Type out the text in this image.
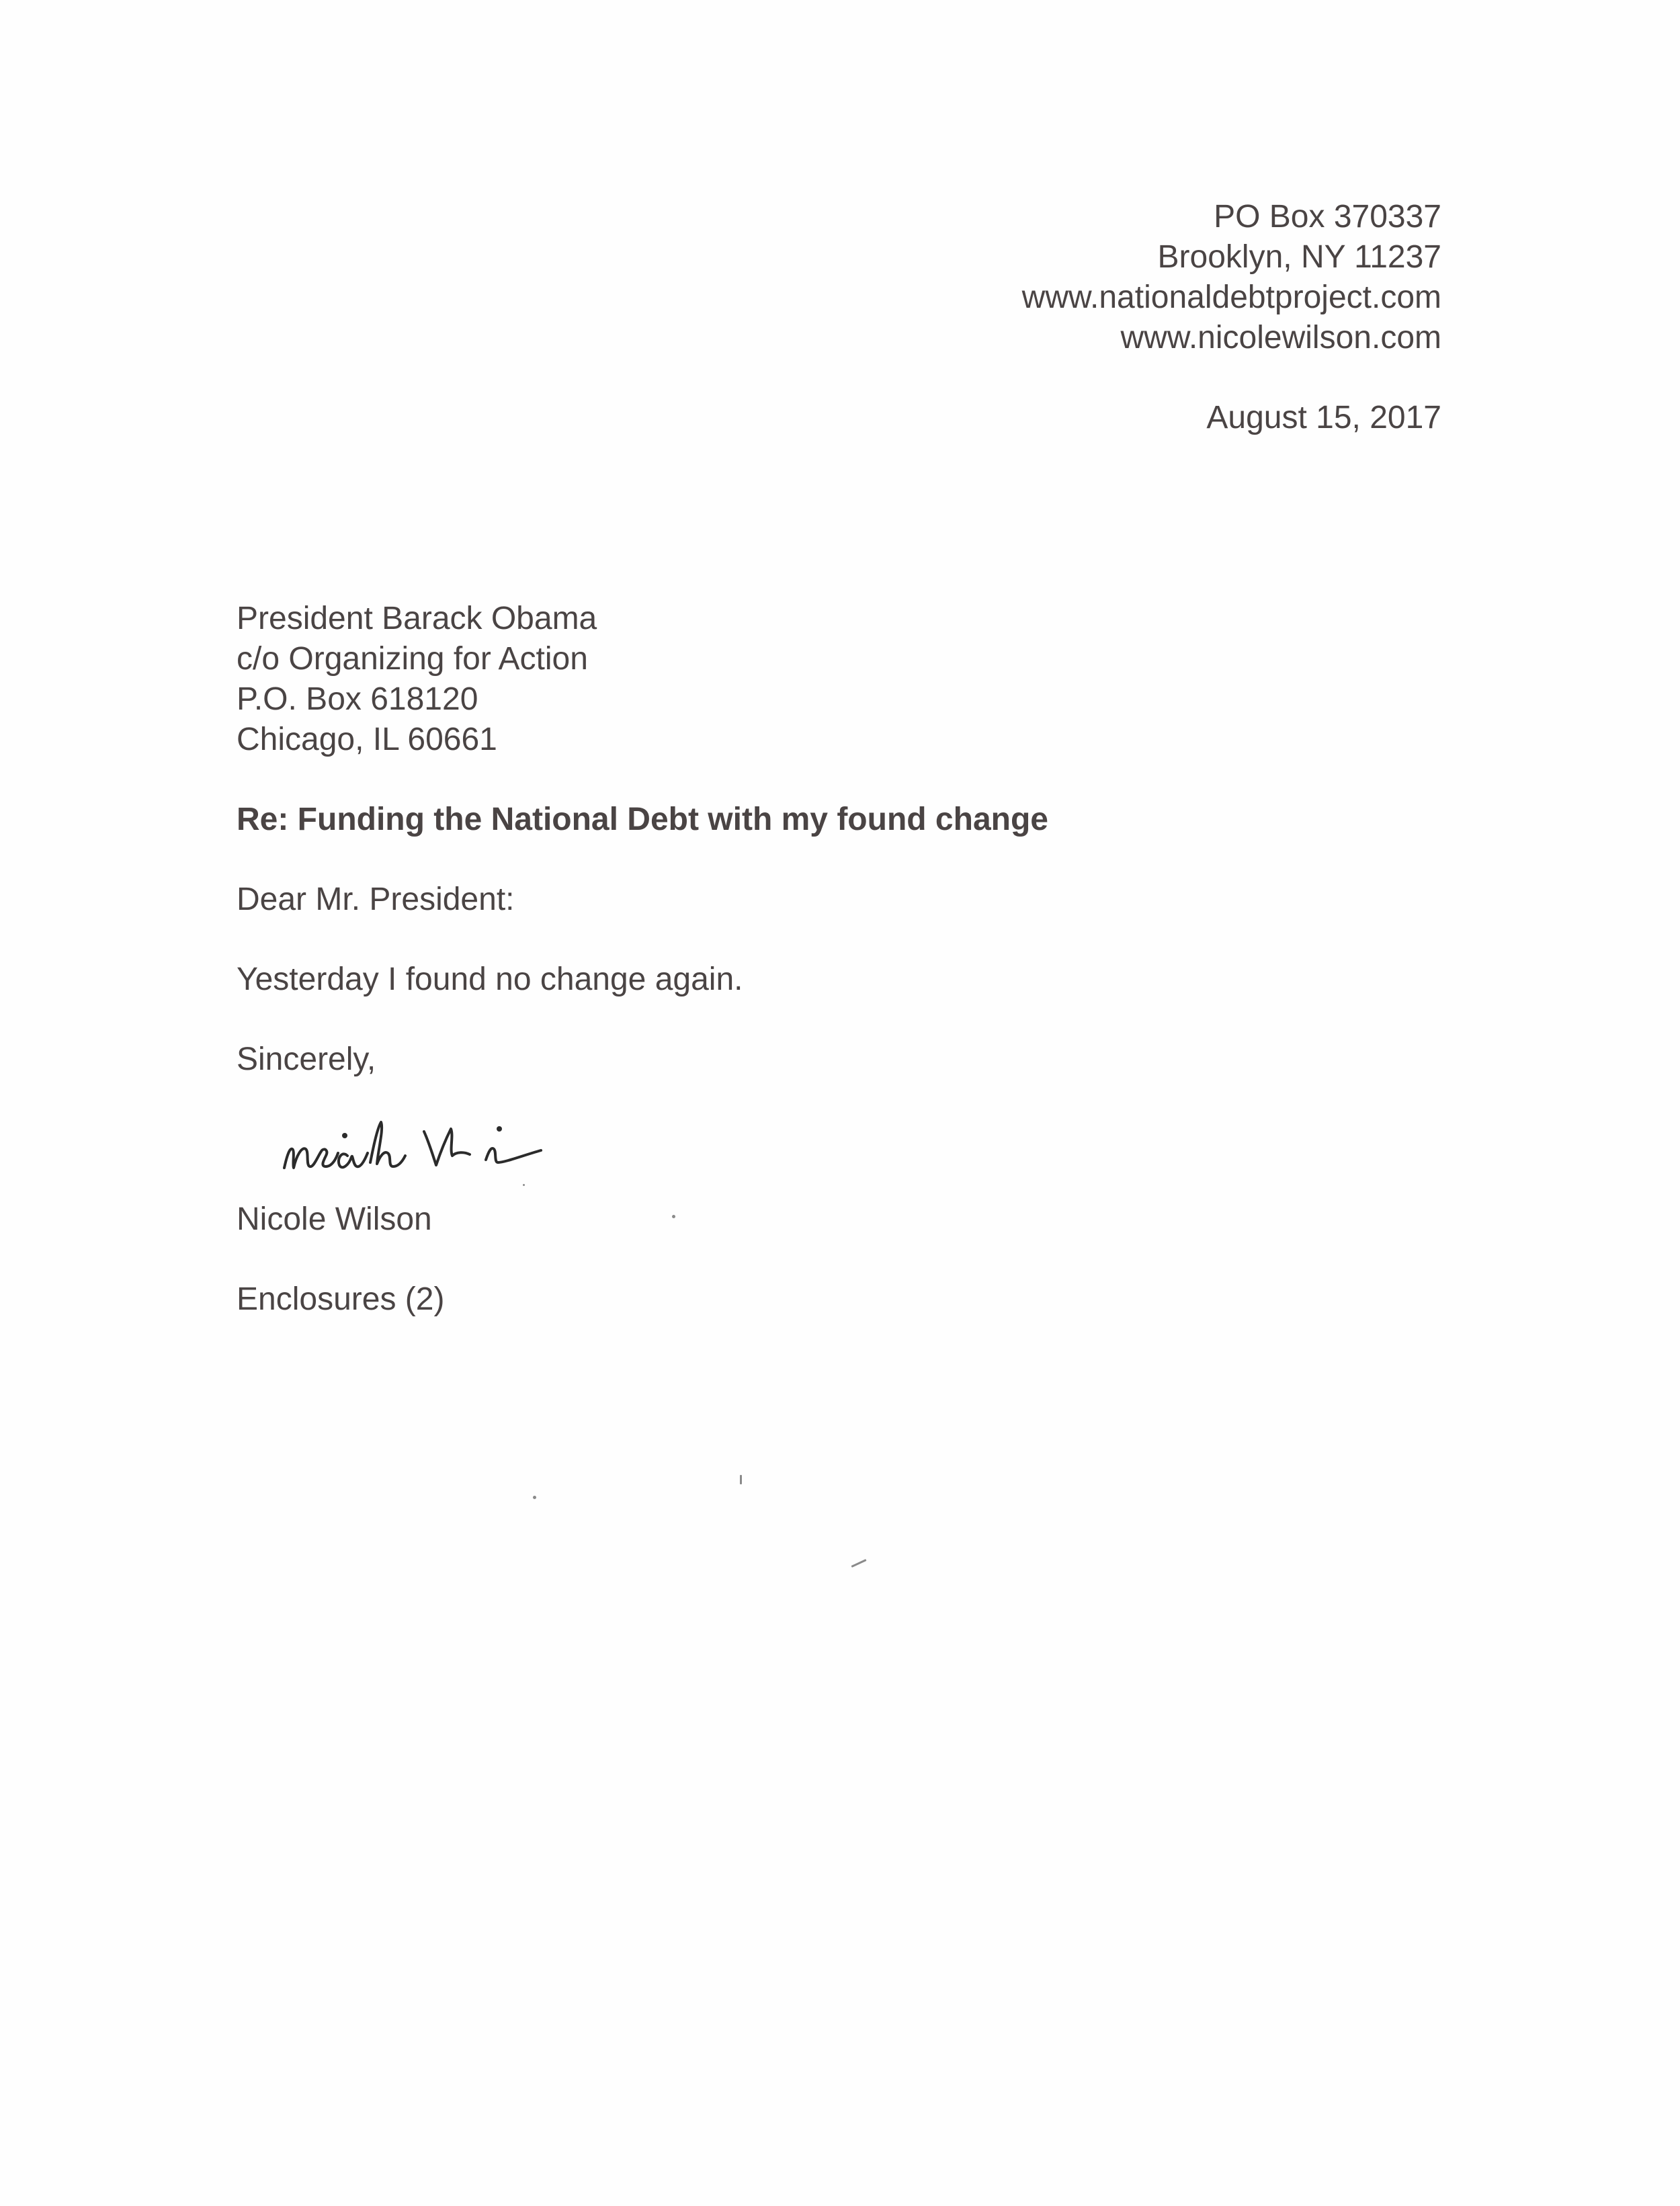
PO Box 370337
Brooklyn, NY 11237
www.nationaldebtproject.com
www.nicolewilson.com
August 15, 2017
President Barack Obama
c/o Organizing for Action
P.O. Box 618120
Chicago, IL 60661
Re: Funding the National Debt with my found change
Dear Mr. President:
Yesterday I found no change again.
Sincerely,
Nicole Wilson
Enclosures (2)
